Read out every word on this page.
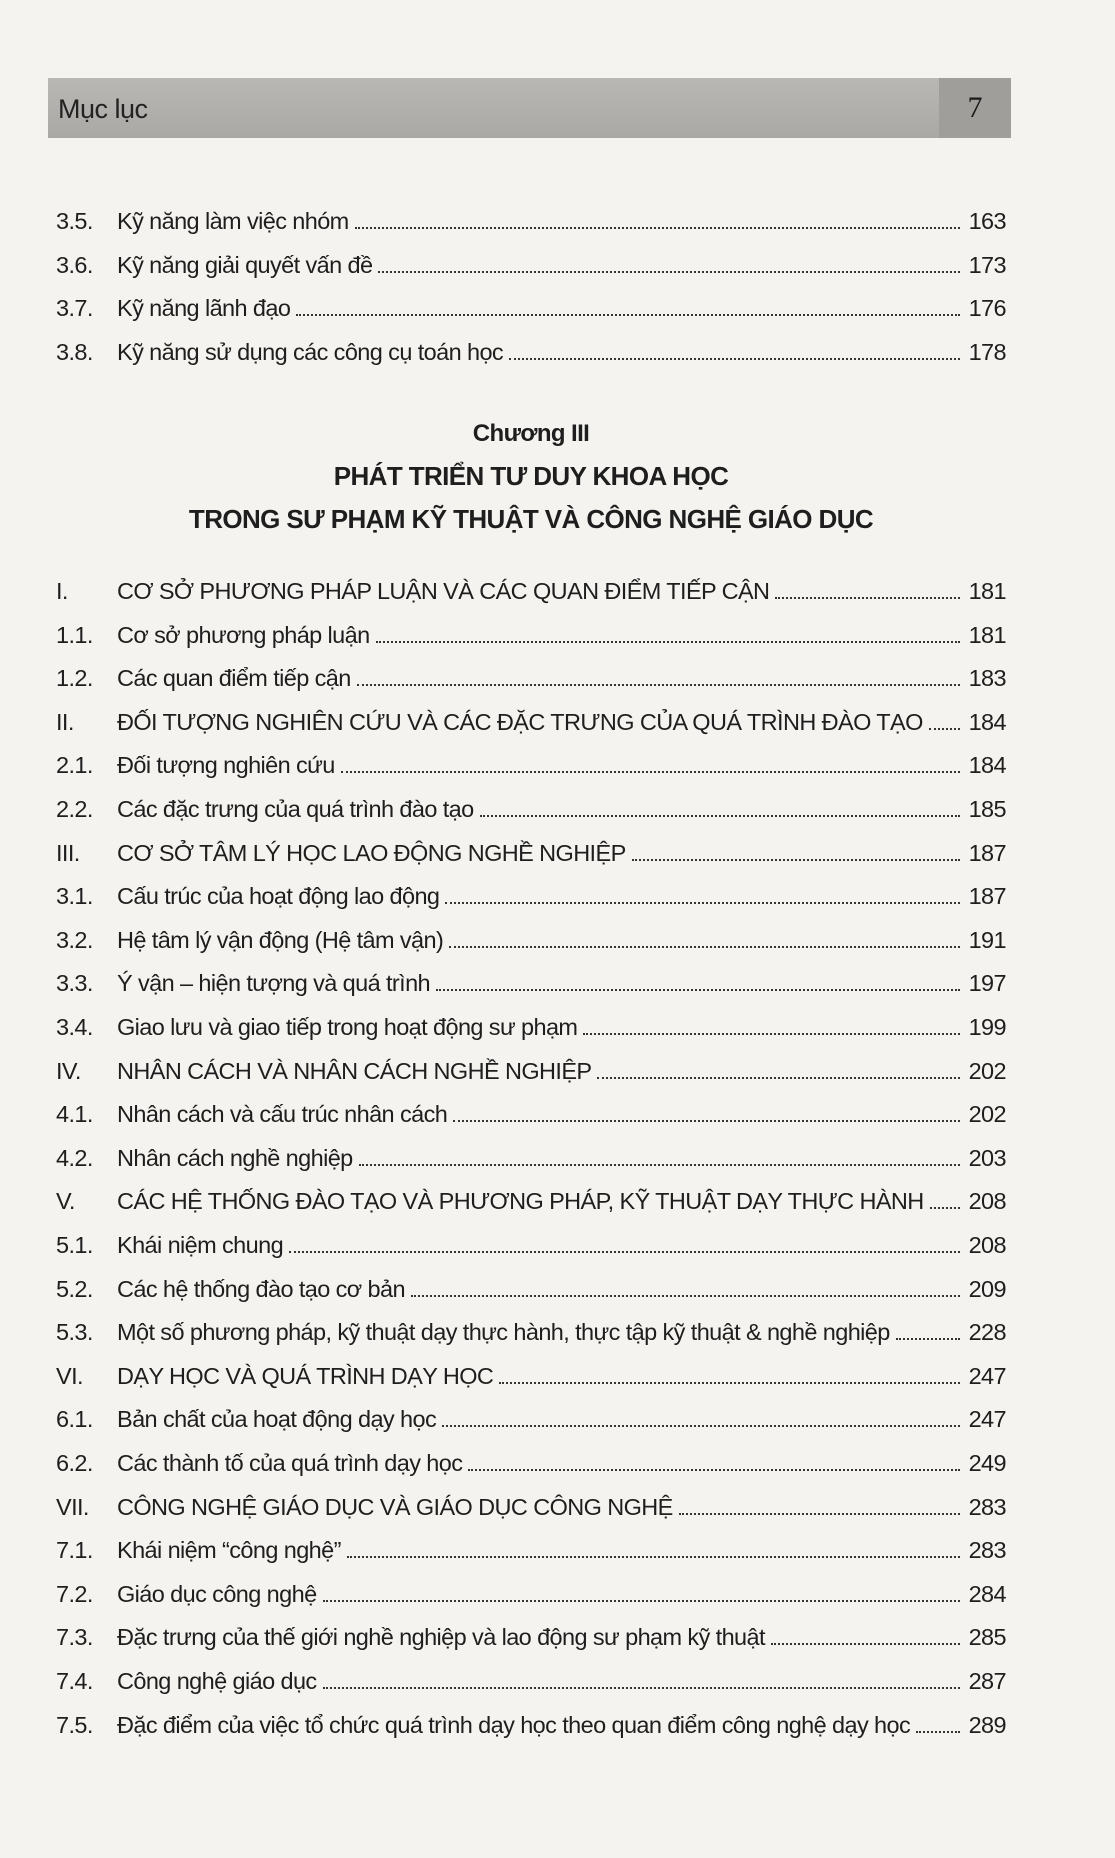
Mục lục	7
3.5.	Kỹ năng làm việc nhóm	163
3.6.	Kỹ năng giải quyết vấn đề	173
3.7.	Kỹ năng lãnh đạo	176
3.8.	Kỹ năng sử dụng các công cụ toán học	178
Chương III
PHÁT TRIỂN TƯ DUY KHOA HỌC
TRONG SƯ PHẠM KỸ THUẬT VÀ CÔNG NGHỆ GIÁO DỤC
I.	CƠ SỞ PHƯƠNG PHÁP LUẬN VÀ CÁC QUAN ĐIỂM TIẾP CẬN	181
1.1.	Cơ sở phương pháp luận	181
1.2.	Các quan điểm tiếp cận	183
II.	ĐỐI TƯỢNG NGHIÊN CỨU VÀ CÁC ĐẶC TRƯNG CỦA QUÁ TRÌNH ĐÀO TẠO 184
2.1.	Đối tượng nghiên cứu	184
2.2.	Các đặc trưng của quá trình đào tạo	185
III.	CƠ SỞ TÂM LÝ HỌC LAO ĐỘNG NGHỀ NGHIỆP	187
3.1.	Cấu trúc của hoạt động lao động	187
3.2.	Hệ tâm lý vận động (Hệ tâm vận)	191
3.3.	Ý vận – hiện tượng và quá trình	197
3.4.	Giao lưu và giao tiếp trong hoạt động sư phạm	199
IV.	NHÂN CÁCH VÀ NHÂN CÁCH NGHỀ NGHIỆP	202
4.1.	Nhân cách và cấu trúc nhân cách	202
4.2.	Nhân cách nghề nghiệp	203
V.	CÁC HỆ THỐNG ĐÀO TẠO VÀ PHƯƠNG PHÁP, KỸ THUẬT DẠY THỰC HÀNH 208
5.1.	Khái niệm chung	208
5.2.	Các hệ thống đào tạo cơ bản	209
5.3.	Một số phương pháp, kỹ thuật dạy thực hành, thực tập kỹ thuật & nghề nghiệp	228
VI.	DẠY HỌC VÀ QUÁ TRÌNH DẠY HỌC	247
6.1.	Bản chất của hoạt động dạy học	247
6.2.	Các thành tố của quá trình dạy học	249
VII.	CÔNG NGHỆ GIÁO DỤC VÀ GIÁO DỤC CÔNG NGHỆ	283
7.1.	Khái niệm “công nghệ”	283
7.2.	Giáo dục công nghệ	284
7.3.	Đặc trưng của thế giới nghề nghiệp và lao động sư phạm kỹ thuật	285
7.4.	Công nghệ giáo dục	287
7.5.	Đặc điểm của việc tổ chức quá trình dạy học theo quan điểm công nghệ dạy học 289
